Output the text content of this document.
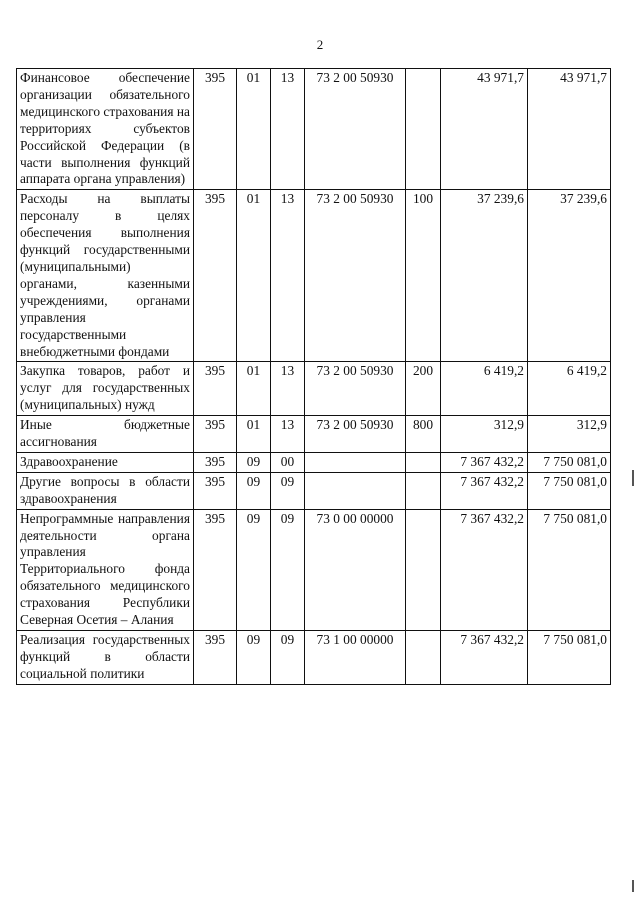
2
Финансовое обеспечение организации обязательного медицинского страхования на территориях субъектов Российской Федерации (в части выполнения функций аппарата органа управления)	395	01	13	73 2 00 50930		43 971,7	43 971,7
Расходы на выплаты персоналу в целях обеспечения выполнения функций государственными (муниципальными) органами, казенными учреждениями, органами управления государственными внебюджетными фондами	395	01	13	73 2 00 50930	100	37 239,6	37 239,6
Закупка товаров, работ и услуг для государственных (муниципальных) нужд	395	01	13	73 2 00 50930	200	6 419,2	6 419,2
Иные бюджетные ассигнования	395	01	13	73 2 00 50930	800	312,9	312,9
Здравоохранение	395	09	00			7 367 432,2	7 750 081,0
Другие вопросы в области здравоохранения	395	09	09			7 367 432,2	7 750 081,0
Непрограммные направления деятельности органа управления Территориального фонда обязательного медицинского страхования Республики Северная Осетия – Алания	395	09	09	73 0 00 00000		7 367 432,2	7 750 081,0
Реализация государственных функций в области социальной политики	395	09	09	73 1 00 00000		7 367 432,2	7 750 081,0
